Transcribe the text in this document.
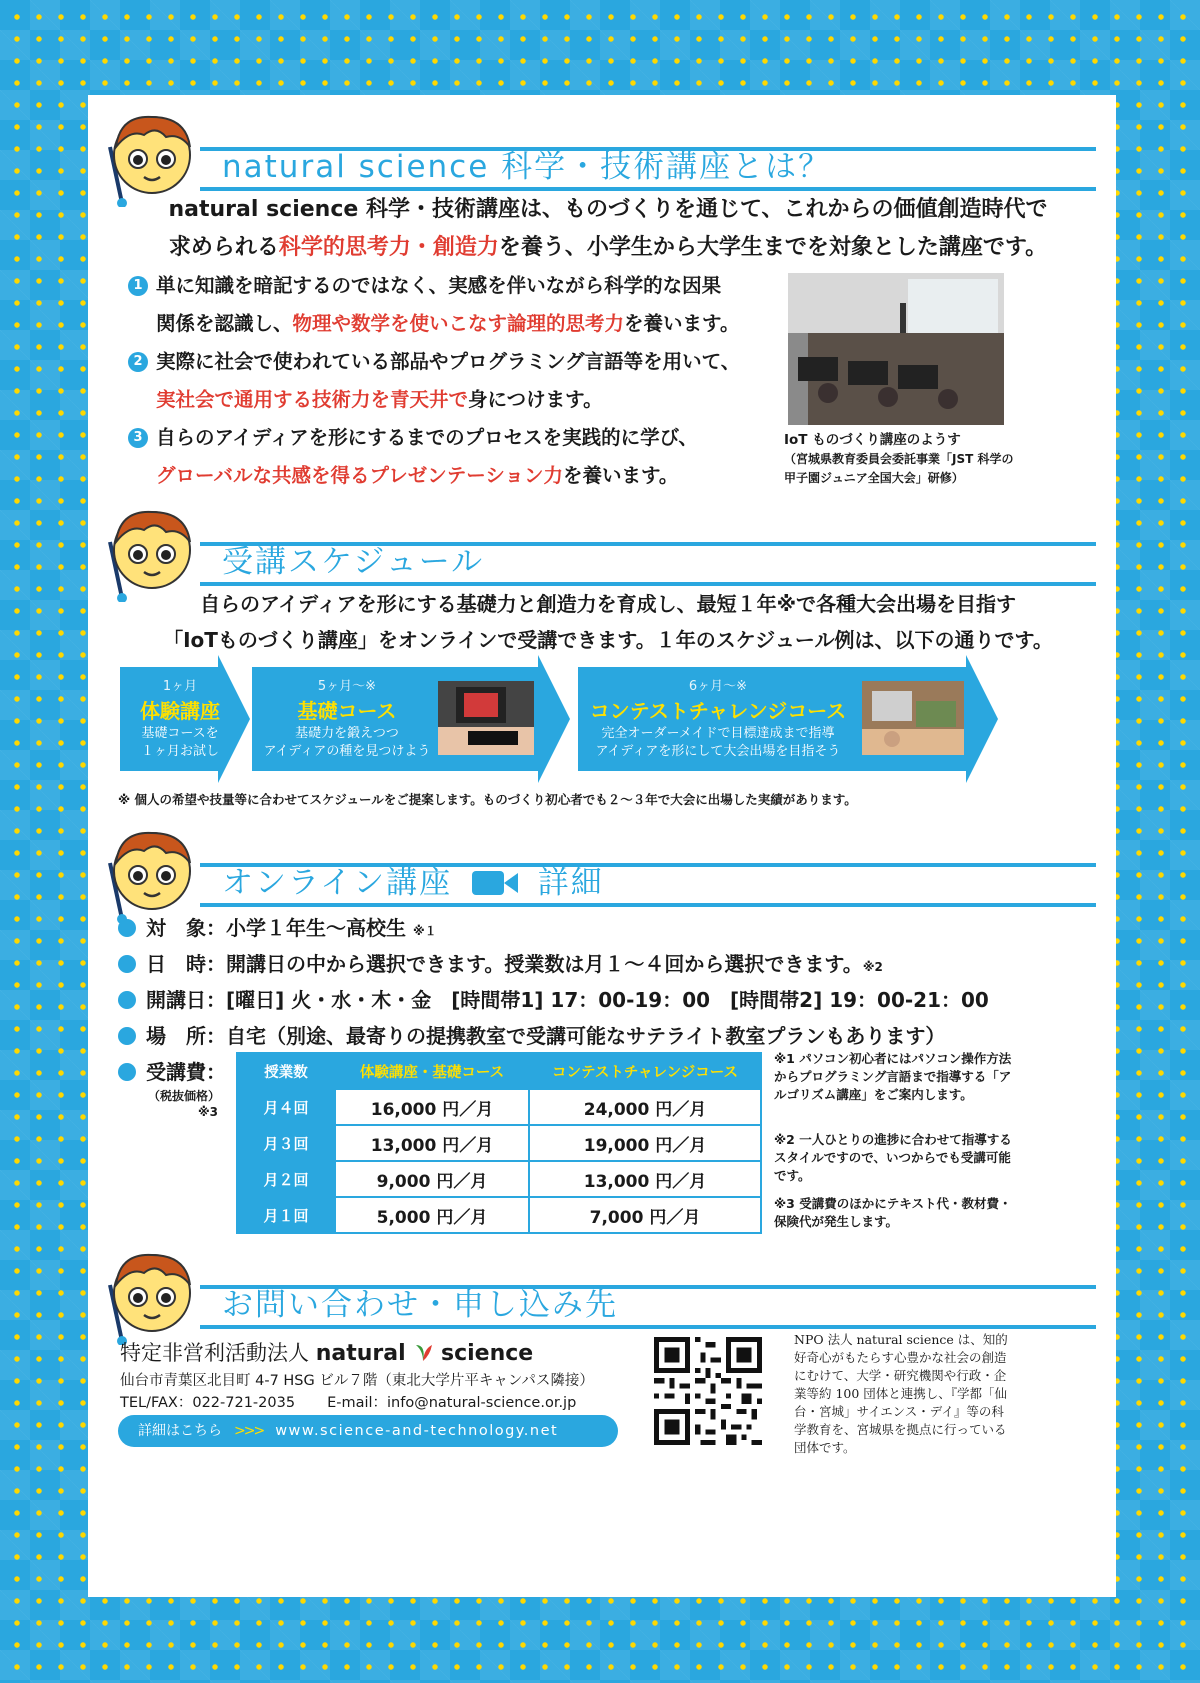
natural science 科学・技術講座とは？
natural science 科学・技術講座は、ものづくりを通じて、これからの価値創造時代で
求められる科学的思考力・創造力を養う、小学生から大学生までを対象とした講座です。
1 単に知識を暗記するのではなく、実感を伴いながら科学的な因果
関係を認識し、物理や数学を使いこなす論理的思考力を養います。
2 実際に社会で使われている部品やプログラミング言語等を用いて、
実社会で通用する技術力を青天井で身につけます。
3 自らのアイディアを形にするまでのプロセスを実践的に学び、
グローバルな共感を得るプレゼンテーション力を養います。
IoT ものづくり講座のようす
（宮城県教育委員会委託事業「JST 科学の甲子園ジュニア全国大会」研修）
受講スケジュール
自らのアイディアを形にする基礎力と創造力を育成し、最短１年※で各種大会出場を目指す
「IoTものづくり講座」をオンラインで受講できます。１年のスケジュール例は、以下の通りです。
1ヶ月
体験講座
基礎コースを
１ヶ月お試し
5ヶ月〜※
基礎コース
基礎力を鍛えつつ
アイディアの種を見つけよう
6ヶ月〜※
コンテストチャレンジコース
完全オーダーメイドで目標達成まで指導
アイディアを形にして大会出場を目指そう
※ 個人の希望や技量等に合わせてスケジュールをご提案します。ものづくり初心者でも２〜３年で大会に出場した実績があります。
オンライン講座	詳細
対　象：小学１年生〜高校生 ※１
日　時：開講日の中から選択できます。授業数は月１〜４回から選択できます。※2
開講日：[曜日] 火・水・木・金　[時間帯1] 17：00-19：00　[時間帯2] 19：00-21：00
場　所：自宅（別途、最寄りの提携教室で受講可能なサテライト教室プランもあります）
受講費：
（税抜価格）
※3
授業数	体験講座・基礎コース	コンテストチャレンジコース
月４回	16,000 円／月	24,000 円／月
月３回	13,000 円／月	19,000 円／月
月２回	9,000 円／月	13,000 円／月
月１回	5,000 円／月	7,000 円／月
※1 パソコン初心者にはパソコン操作方法からプログラミング言語まで指導する「アルゴリズム講座」をご案内します。
※2 一人ひとりの進捗に合わせて指導するスタイルですので、いつからでも受講可能です。
※3 受講費のほかにテキスト代・教材費・保険代が発生します。
お問い合わせ・申し込み先
特定非営利活動法人 natural science
仙台市青葉区北目町 4-7 HSG ビル７階（東北大学片平キャンパス隣接）
TEL/FAX：022-721-2035 E-mail：info@natural-science.or.jp
詳細はこちら >>> www.science-and-technology.net
NPO 法人 natural science は、知的好奇心がもたらす心豊かな社会の創造にむけて、大学・研究機関や行政・企業等約 100 団体と連携し、『学都「仙台・宮城」サイエンス・デイ』等の科学教育を、宮城県を拠点に行っている団体です。
